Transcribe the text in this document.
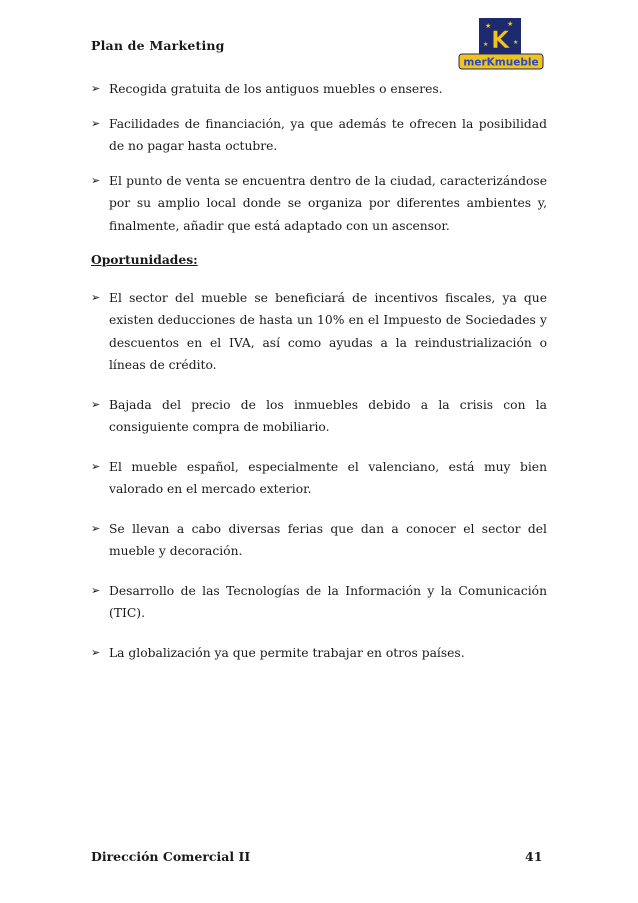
Plan de Marketing
★ ★
★	★
K
merKmueble
➢ Recogida gratuita de los antiguos muebles o enseres.
➢ Facilidades de financiación, ya que además te ofrecen la posibilidad de no pagar hasta octubre.
➢ El punto de venta se encuentra dentro de la ciudad, caracterizándose por su amplio local donde se organiza por diferentes ambientes y, finalmente, añadir que está adaptado con un ascensor.
Oportunidades:
➢ El sector del mueble se beneficiará de incentivos fiscales, ya que existen deducciones de hasta un 10% en el Impuesto de Sociedades y descuentos en el IVA, así como ayudas a la reindustrialización o líneas de crédito.
➢ Bajada del precio de los inmuebles debido a la crisis con la consiguiente compra de mobiliario.
➢ El mueble español, especialmente el valenciano, está muy bien valorado en el mercado exterior.
➢ Se llevan a cabo diversas ferias que dan a conocer el sector del mueble y decoración.
➢ Desarrollo de las Tecnologías de la Información y la Comunicación (TIC).
➢ La globalización ya que permite trabajar en otros países.
Dirección Comercial II	41
